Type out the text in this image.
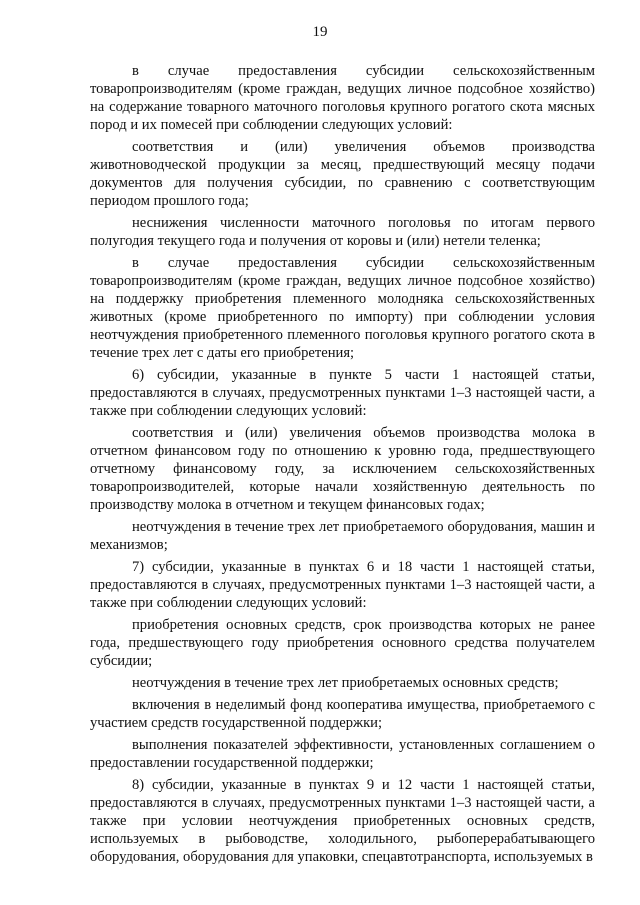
19

в случае предоставления субсидии сельскохозяйственным товаропроизводителям (кроме граждан, ведущих личное подсобное хозяйство) на содержание товарного маточного поголовья крупного рогатого скота мясных пород и их помесей при соблюдении следующих условий:

соответствия и (или) увеличения объемов производства животноводческой продукции за месяц, предшествующий месяцу подачи документов для получения субсидии, по сравнению с соответствующим периодом прошлого года;

неснижения численности маточного поголовья по итогам первого полугодия текущего года и получения от коровы и (или) нетели теленка;

в случае предоставления субсидии сельскохозяйственным товаропроизводителям (кроме граждан, ведущих личное подсобное хозяйство) на поддержку приобретения племенного молодняка сельскохозяйственных животных (кроме приобретенного по импорту) при соблюдении условия неотчуждения приобретенного племенного поголовья крупного рогатого скота в течение трех лет с даты его приобретения;

6) субсидии, указанные в пункте 5 части 1 настоящей статьи, предоставляются в случаях, предусмотренных пунктами 1–3 настоящей части, а также при соблюдении следующих условий:

соответствия и (или) увеличения объемов производства молока в отчетном финансовом году по отношению к уровню года, предшествующего отчетному финансовому году, за исключением сельскохозяйственных товаропроизводителей, которые начали хозяйственную деятельность по производству молока в отчетном и текущем финансовых годах;

неотчуждения в течение трех лет приобретаемого оборудования, машин и механизмов;

7) субсидии, указанные в пунктах 6 и 18 части 1 настоящей статьи, предоставляются в случаях, предусмотренных пунктами 1–3 настоящей части, а также при соблюдении следующих условий:

приобретения основных средств, срок производства которых не ранее года, предшествующего году приобретения основного средства получателем субсидии;

неотчуждения в течение трех лет приобретаемых основных средств;

включения в неделимый фонд кооператива имущества, приобретаемого с участием средств государственной поддержки;

выполнения показателей эффективности, установленных соглашением о предоставлении государственной поддержки;

8) субсидии, указанные в пунктах 9 и 12 части 1 настоящей статьи, предоставляются в случаях, предусмотренных пунктами 1–3 настоящей части, а также при условии неотчуждения приобретенных основных средств, используемых в рыбоводстве, холодильного, рыбоперерабатывающего оборудования, оборудования для упаковки, спецавтотранспорта, используемых в
